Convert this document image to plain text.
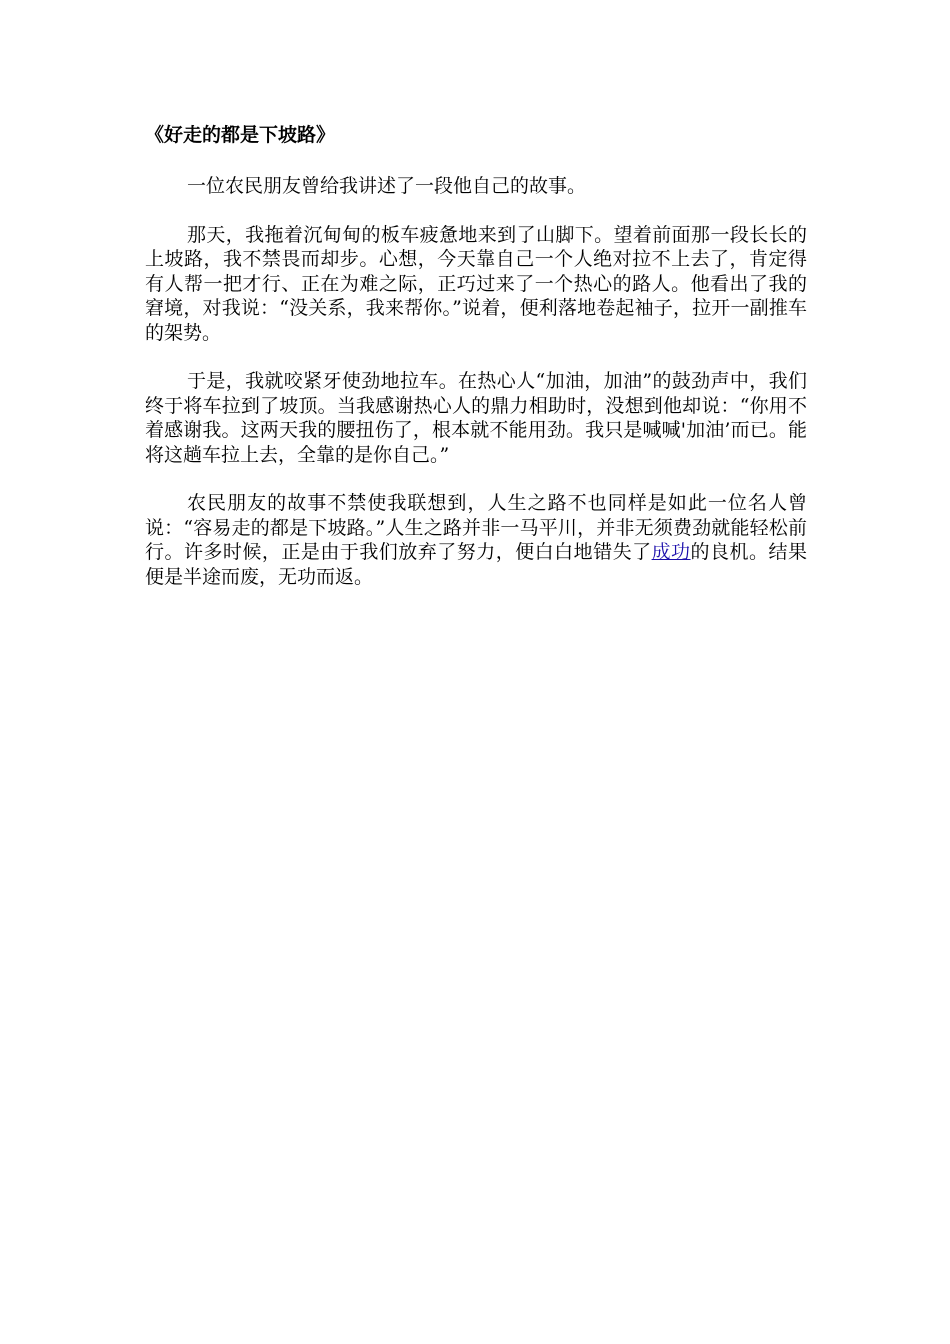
《好走的都是下坡路》

一位农民朋友曾给我讲述了一段他自己的故事。

那天，我拖着沉甸甸的板车疲惫地来到了山脚下。望着前面那一段长长的上坡路，我不禁畏而却步。心想，今天靠自己一个人绝对拉不上去了，肯定得有人帮一把才行、正在为难之际，正巧过来了一个热心的路人。他看出了我的窘境，对我说：“没关系，我来帮你。”说着，便利落地卷起袖子，拉开一副推车的架势。

于是，我就咬紧牙使劲地拉车。在热心人“加油，加油”的鼓劲声中，我们终于将车拉到了坡顶。当我感谢热心人的鼎力相助时，没想到他却说：“你用不着感谢我。这两天我的腰扭伤了，根本就不能用劲。我只是喊喊'加油’而已。能将这趟车拉上去，全靠的是你自己。”

农民朋友的故事不禁使我联想到，人生之路不也同样是如此一位名人曾说：“容易走的都是下坡路。”人生之路并非一马平川，并非无须费劲就能轻松前行。许多时候，正是由于我们放弃了努力，便白白地错失了成功的良机。结果便是半途而废，无功而返。
